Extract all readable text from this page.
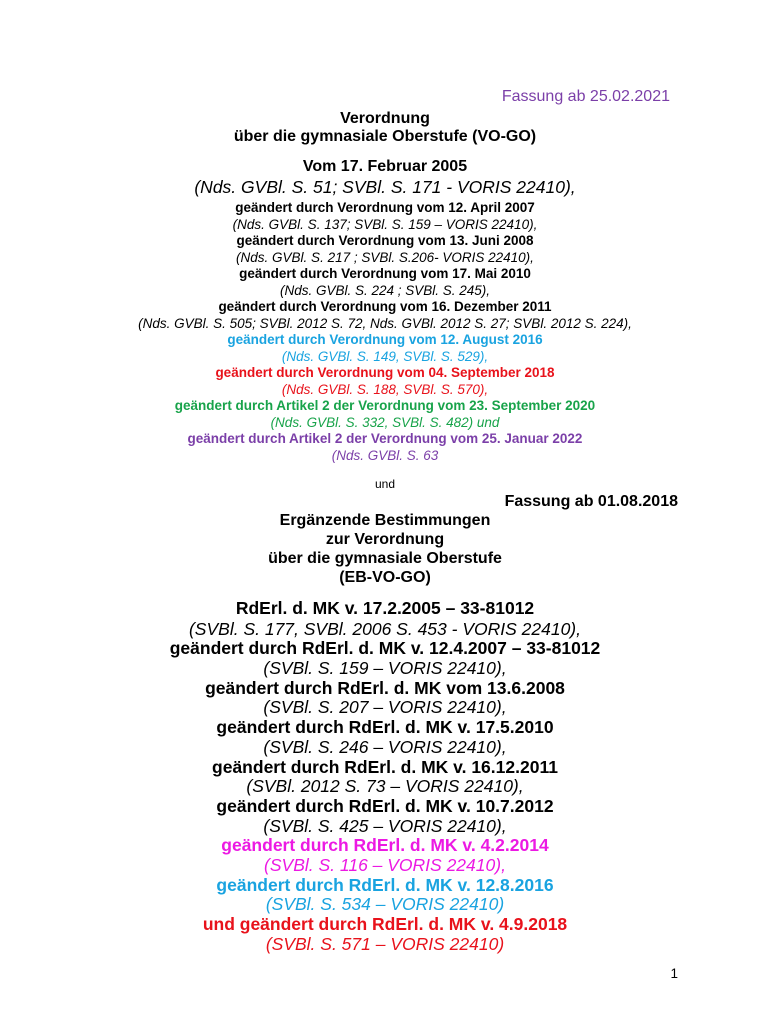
Fassung ab 25.02.2021
Verordnung
über die gymnasiale Oberstufe (VO-GO)
Vom 17. Februar 2005
(Nds. GVBl. S. 51; SVBl. S. 171 - VORIS 22410),
geändert durch Verordnung vom 12. April 2007
(Nds. GVBl. S. 137; SVBl. S. 159 – VORIS 22410),
geändert durch Verordnung vom 13. Juni 2008
(Nds. GVBl. S. 217 ; SVBl. S.206- VORIS 22410),
geändert durch Verordnung vom 17. Mai 2010
(Nds. GVBl. S. 224 ; SVBl. S. 245),
geändert durch Verordnung vom 16. Dezember 2011
(Nds. GVBl. S. 505; SVBl. 2012 S. 72, Nds. GVBl. 2012 S. 27; SVBl. 2012 S. 224),
geändert durch Verordnung vom 12. August 2016
(Nds. GVBl. S. 149, SVBl. S. 529),
geändert durch Verordnung vom 04. September 2018
(Nds. GVBl. S. 188, SVBl. S. 570),
geändert durch Artikel 2 der Verordnung vom 23. September 2020
(Nds. GVBl. S. 332, SVBl. S. 482) und
geändert durch Artikel 2 der Verordnung vom 25. Januar 2022
(Nds. GVBl. S. 63
und
Fassung ab 01.08.2018
Ergänzende Bestimmungen
zur Verordnung
über die gymnasiale Oberstufe
(EB-VO-GO)
RdErl. d. MK v. 17.2.2005 – 33-81012
(SVBl. S. 177, SVBl. 2006 S. 453 - VORIS 22410),
geändert durch RdErl. d. MK v. 12.4.2007 – 33-81012
(SVBl. S. 159 – VORIS 22410),
geändert durch RdErl. d. MK vom 13.6.2008
(SVBl. S. 207 – VORIS 22410),
geändert durch RdErl. d. MK v. 17.5.2010
(SVBl. S. 246 – VORIS 22410),
geändert durch RdErl. d. MK v. 16.12.2011
(SVBl. 2012 S. 73 – VORIS 22410),
geändert durch RdErl. d. MK v. 10.7.2012
(SVBl. S. 425 – VORIS 22410),
geändert durch RdErl. d. MK v. 4.2.2014
(SVBl. S. 116 – VORIS 22410),
geändert durch RdErl. d. MK v. 12.8.2016
(SVBl. S. 534 – VORIS 22410)
und geändert durch RdErl. d. MK v. 4.9.2018
(SVBl. S. 571 – VORIS 22410)
1
